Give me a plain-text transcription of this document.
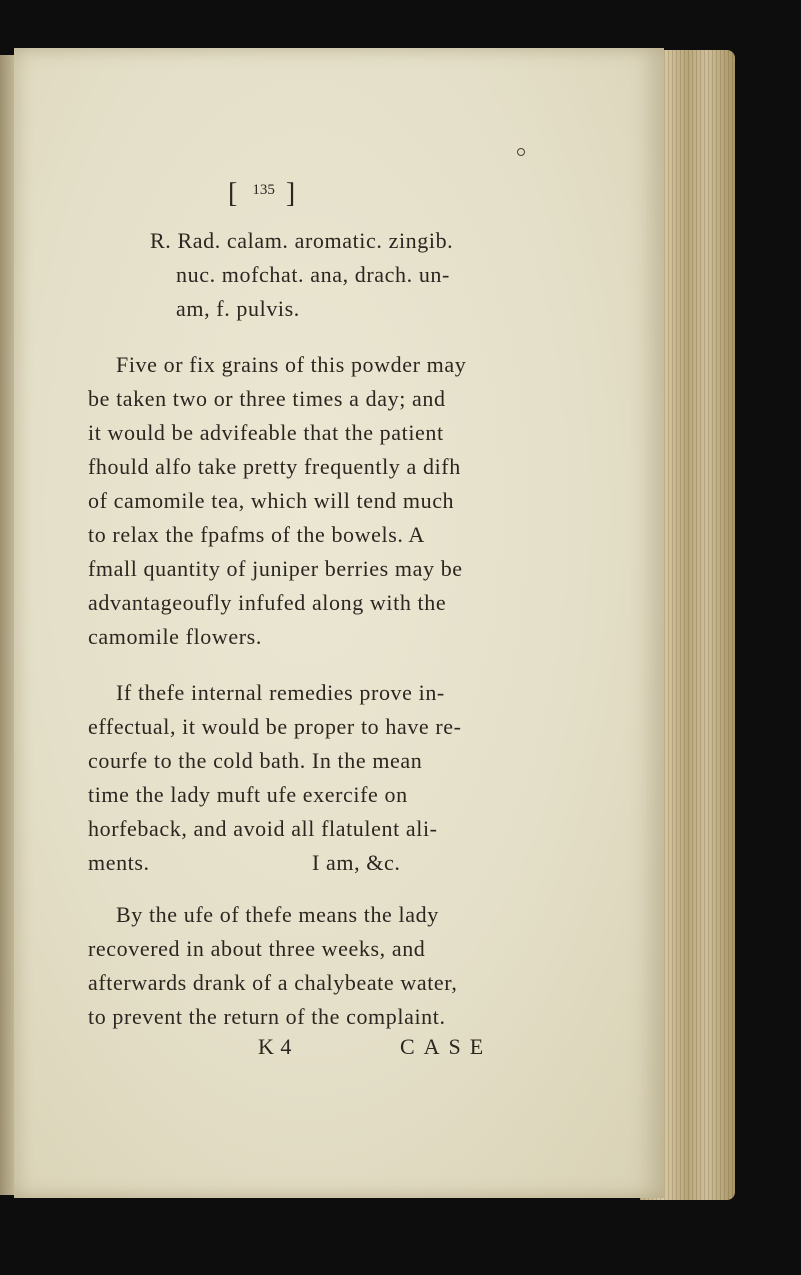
[ $^{135}$ ]
R. Rad. calam. aromatic. zingib.
nuc. mofchat. ana, drach. un-
am, f. pulvis.
Five or fix grains of this powder may
be taken two or three times a day; and
it would be advifeable that the patient
fhould alfo take pretty frequently a difh
of camomile tea, which will tend much
to relax the fpafms of the bowels. A
fmall quantity of juniper berries may be
advantageoufly infufed along with the
camomile flowers.
If thefe internal remedies prove in-
effectual, it would be proper to have re-
courfe to the cold bath. In the mean
time the lady muft ufe exercife on
horfeback, and avoid all flatulent ali-
ments.	I am, &c.
By the ufe of thefe means the lady
recovered in about three weeks, and
afterwards drank of a chalybeate water,
to prevent the return of the complaint.
K 4	CASE
